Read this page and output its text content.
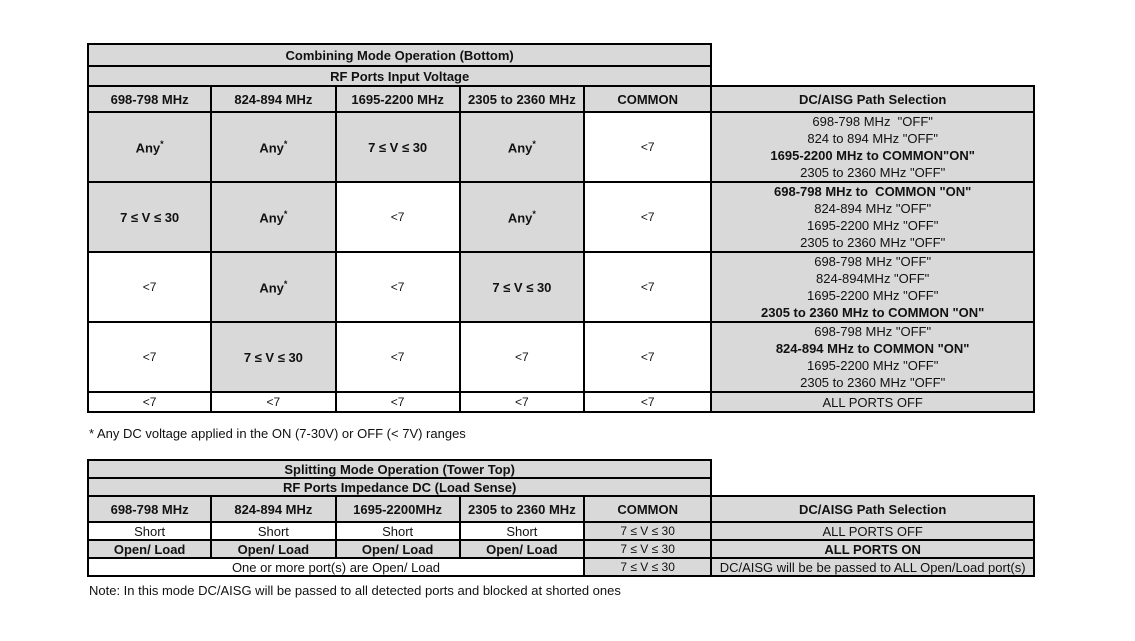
Combining Mode Operation (Bottom)					
RF Ports Input Voltage					
698-798 MHz	824-894 MHz	1695-2200 MHz	2305 to 2360 MHz	COMMON	DC/AISG Path Selection
Any*	Any*	7 ≤ V ≤ 30	Any*	<7	698-798 MHz  "OFF"
824 to 894 MHz "OFF"
1695-2200 MHz to COMMON"ON"
2305 to 2360 MHz "OFF"

7 ≤ V ≤ 30	Any*	<7	Any*	<7	698-798 MHz to  COMMON "ON"
824-894 MHz "OFF"
1695-2200 MHz "OFF"
2305 to 2360 MHz "OFF"

<7	Any*	<7	7 ≤ V ≤ 30	<7	698-798 MHz "OFF"
824-894MHz "OFF"
1695-2200 MHz "OFF"
2305 to 2360 MHz to COMMON "ON"

<7	7 ≤ V ≤ 30	<7	<7	<7	698-798 MHz "OFF"
824-894 MHz to COMMON "ON"
1695-2200 MHz "OFF"
2305 to 2360 MHz "OFF"

<7	<7	<7	<7	<7	ALL PORTS OFF
* Any DC voltage applied in the ON (7-30V) or OFF (< 7V) ranges
Splitting Mode Operation (Tower Top)					
RF Ports Impedance DC (Load Sense)					
698-798 MHz	824-894 MHz	1695-2200MHz	2305 to 2360 MHz	COMMON	DC/AISG Path Selection
Short	Short	Short	Short	7 ≤ V ≤ 30	ALL PORTS OFF
Open/ Load	Open/ Load	Open/ Load	Open/ Load	7 ≤ V ≤ 30	ALL PORTS ON
One or more port(s) are Open/ Load				7 ≤ V ≤ 30	DC/AISG will be be passed to ALL Open/Load port(s)
Note: In this mode DC/AISG will be passed to all detected ports and blocked at shorted ones
